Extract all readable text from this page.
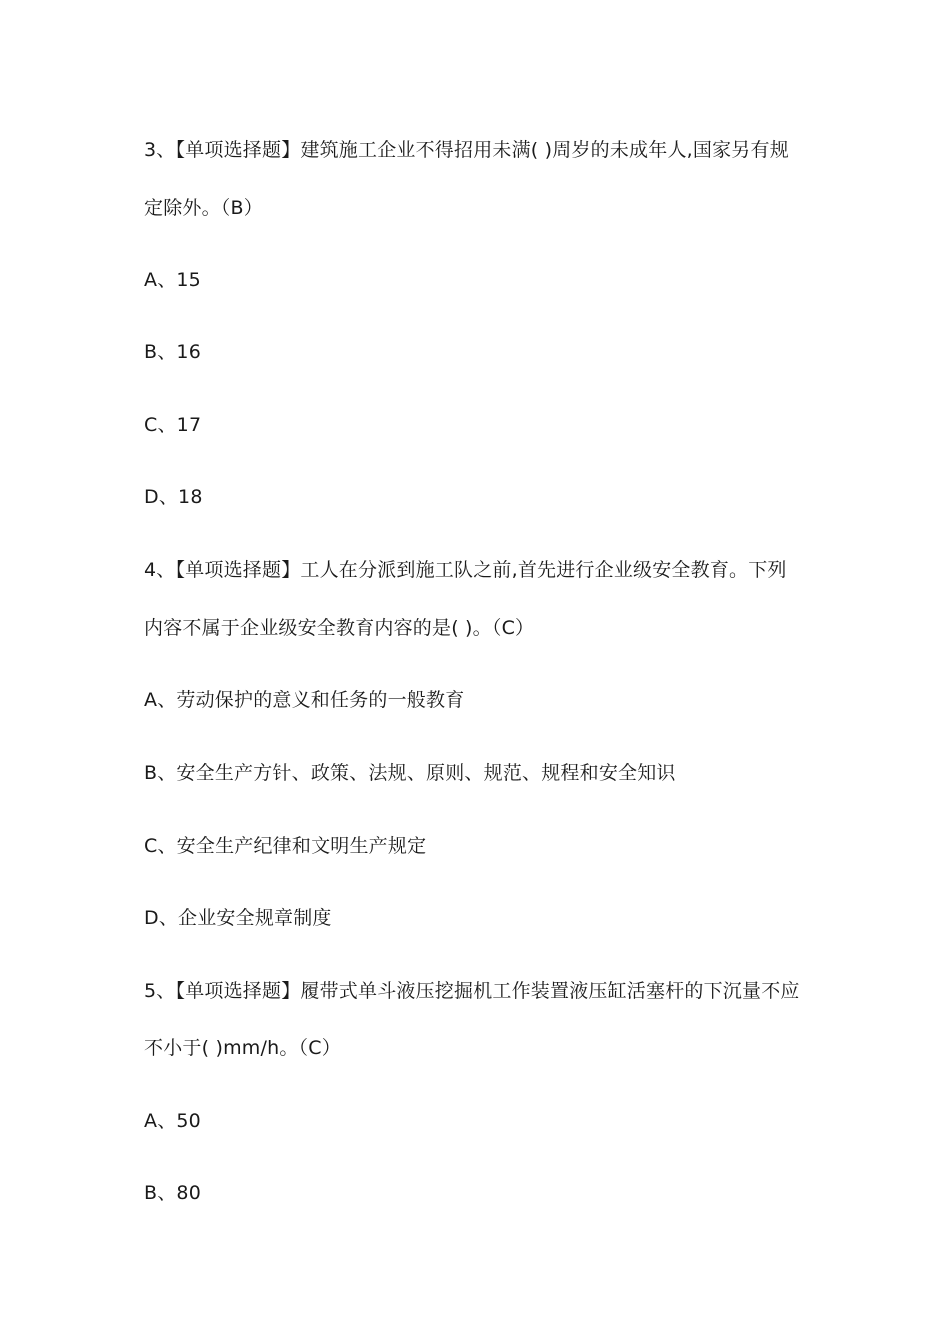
3、【单项选择题】建筑施工企业不得招用未满( )周岁的未成年人,国家另有规
定除外。（B）
A、15
B、16
C、17
D、18
4、【单项选择题】工人在分派到施工队之前,首先进行企业级安全教育。下列
内容不属于企业级安全教育内容的是( )。（C）
A、劳动保护的意义和任务的一般教育
B、安全生产方针、政策、法规、原则、规范、规程和安全知识
C、安全生产纪律和文明生产规定
D、企业安全规章制度
5、【单项选择题】履带式单斗液压挖掘机工作装置液压缸活塞杆的下沉量不应
不小于( )mm/h。（C）
A、50
B、80
